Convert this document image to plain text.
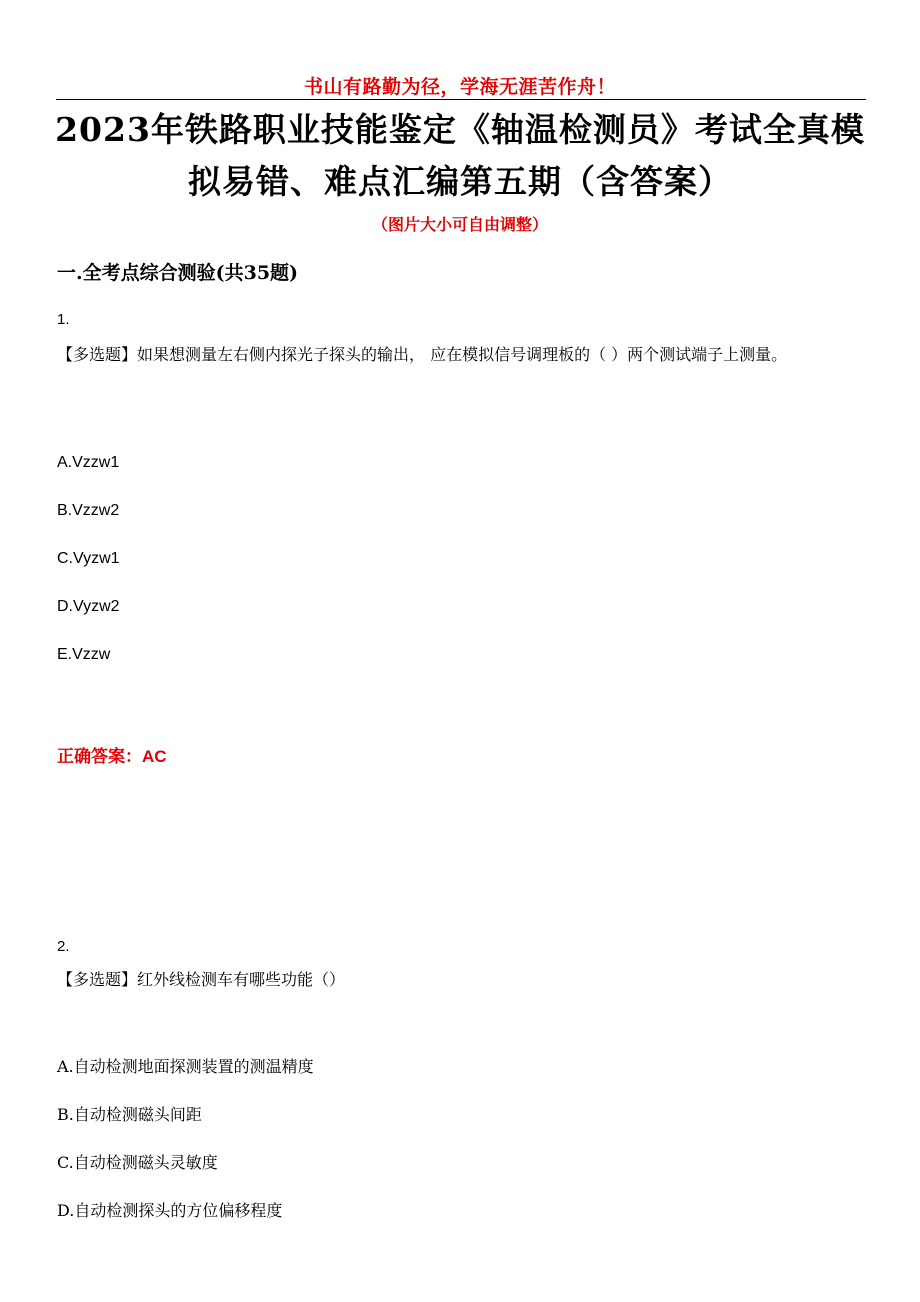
书山有路勤为径，学海无涯苦作舟！
2023年铁路职业技能鉴定《轴温检测员》考试全真模拟易错、难点汇编第五期（含答案）
（图片大小可自由调整）
一.全考点综合测验(共35题)
1.
【多选题】如果想测量左右侧内探光子探头的输出， 应在模拟信号调理板的（ ）两个测试端子上测量。
A.Vzzw1
B.Vzzw2
C.Vyzw1
D.Vyzw2
E.Vzzw
正确答案：AC
2.
【多选题】红外线检测车有哪些功能（）
A.自动检测地面探测装置的测温精度
B.自动检测磁头间距
C.自动检测磁头灵敏度
D.自动检测探头的方位偏移程度
